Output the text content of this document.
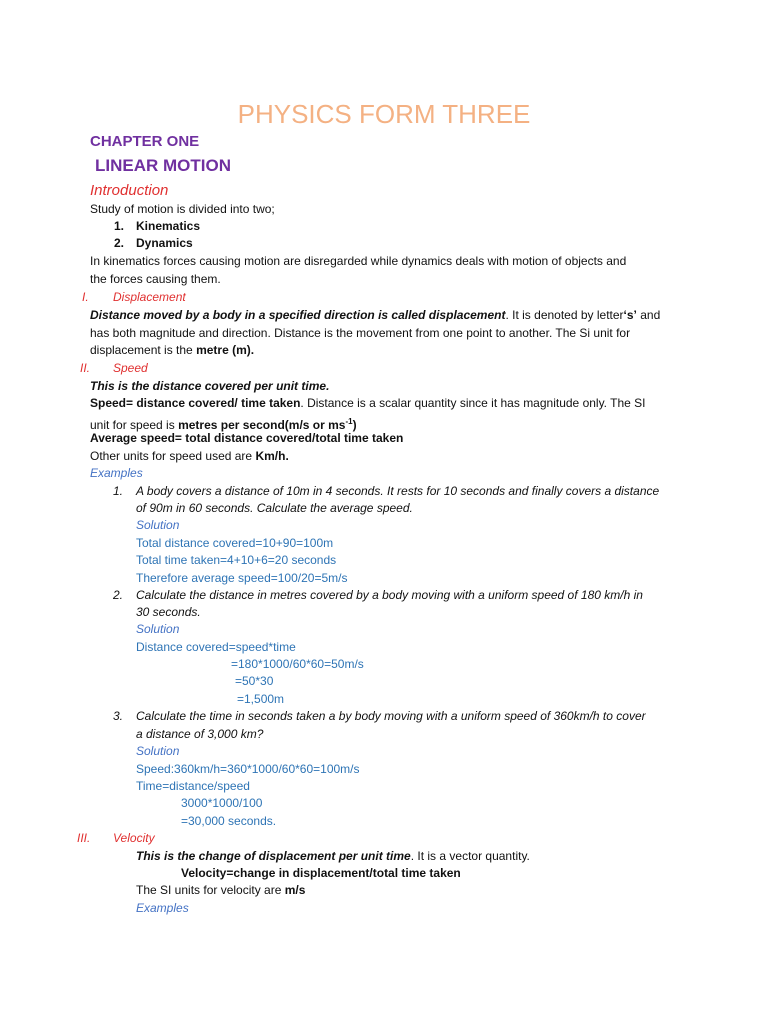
PHYSICS FORM THREE
CHAPTER ONE
LINEAR MOTION
Introduction
Study of motion is divided into two;
1. Kinematics
2. Dynamics
In kinematics forces causing motion are disregarded while dynamics deals with motion of objects and
the forces causing them.
I. Displacement
Distance moved by a body in a specified direction is called displacement. It is denoted by letter‘s’ and
has both magnitude and direction. Distance is the movement from one point to another. The Si unit for
displacement is the metre (m).
II. Speed
This is the distance covered per unit time.
Speed= distance covered/ time taken. Distance is a scalar quantity since it has magnitude only. The SI
unit for speed is metres per second(m/s or $ms^{-1}$)
Average speed= total distance covered/total time taken
Other units for speed used are Km/h.
Examples
1. A body covers a distance of 10m in 4 seconds. It rests for 10 seconds and finally covers a distance
of 90m in 60 seconds. Calculate the average speed.
Solution
Total distance covered=10+90=100m
Total time taken=4+10+6=20 seconds
Therefore average speed=100/20=5m/s
2. Calculate the distance in metres covered by a body moving with a uniform speed of 180 km/h in
30 seconds.
Solution
Distance covered=speed*time
=180*1000/60*60=50m/s
=50*30
=1,500m
3. Calculate the time in seconds taken a by body moving with a uniform speed of 360km/h to cover
a distance of 3,000 km?
Solution
Speed:360km/h=360*1000/60*60=100m/s
Time=distance/speed
3000*1000/100
=30,000 seconds.
III. Velocity
This is the change of displacement per unit time. It is a vector quantity.
Velocity=change in displacement/total time taken
The SI units for velocity are m/s
Examples
